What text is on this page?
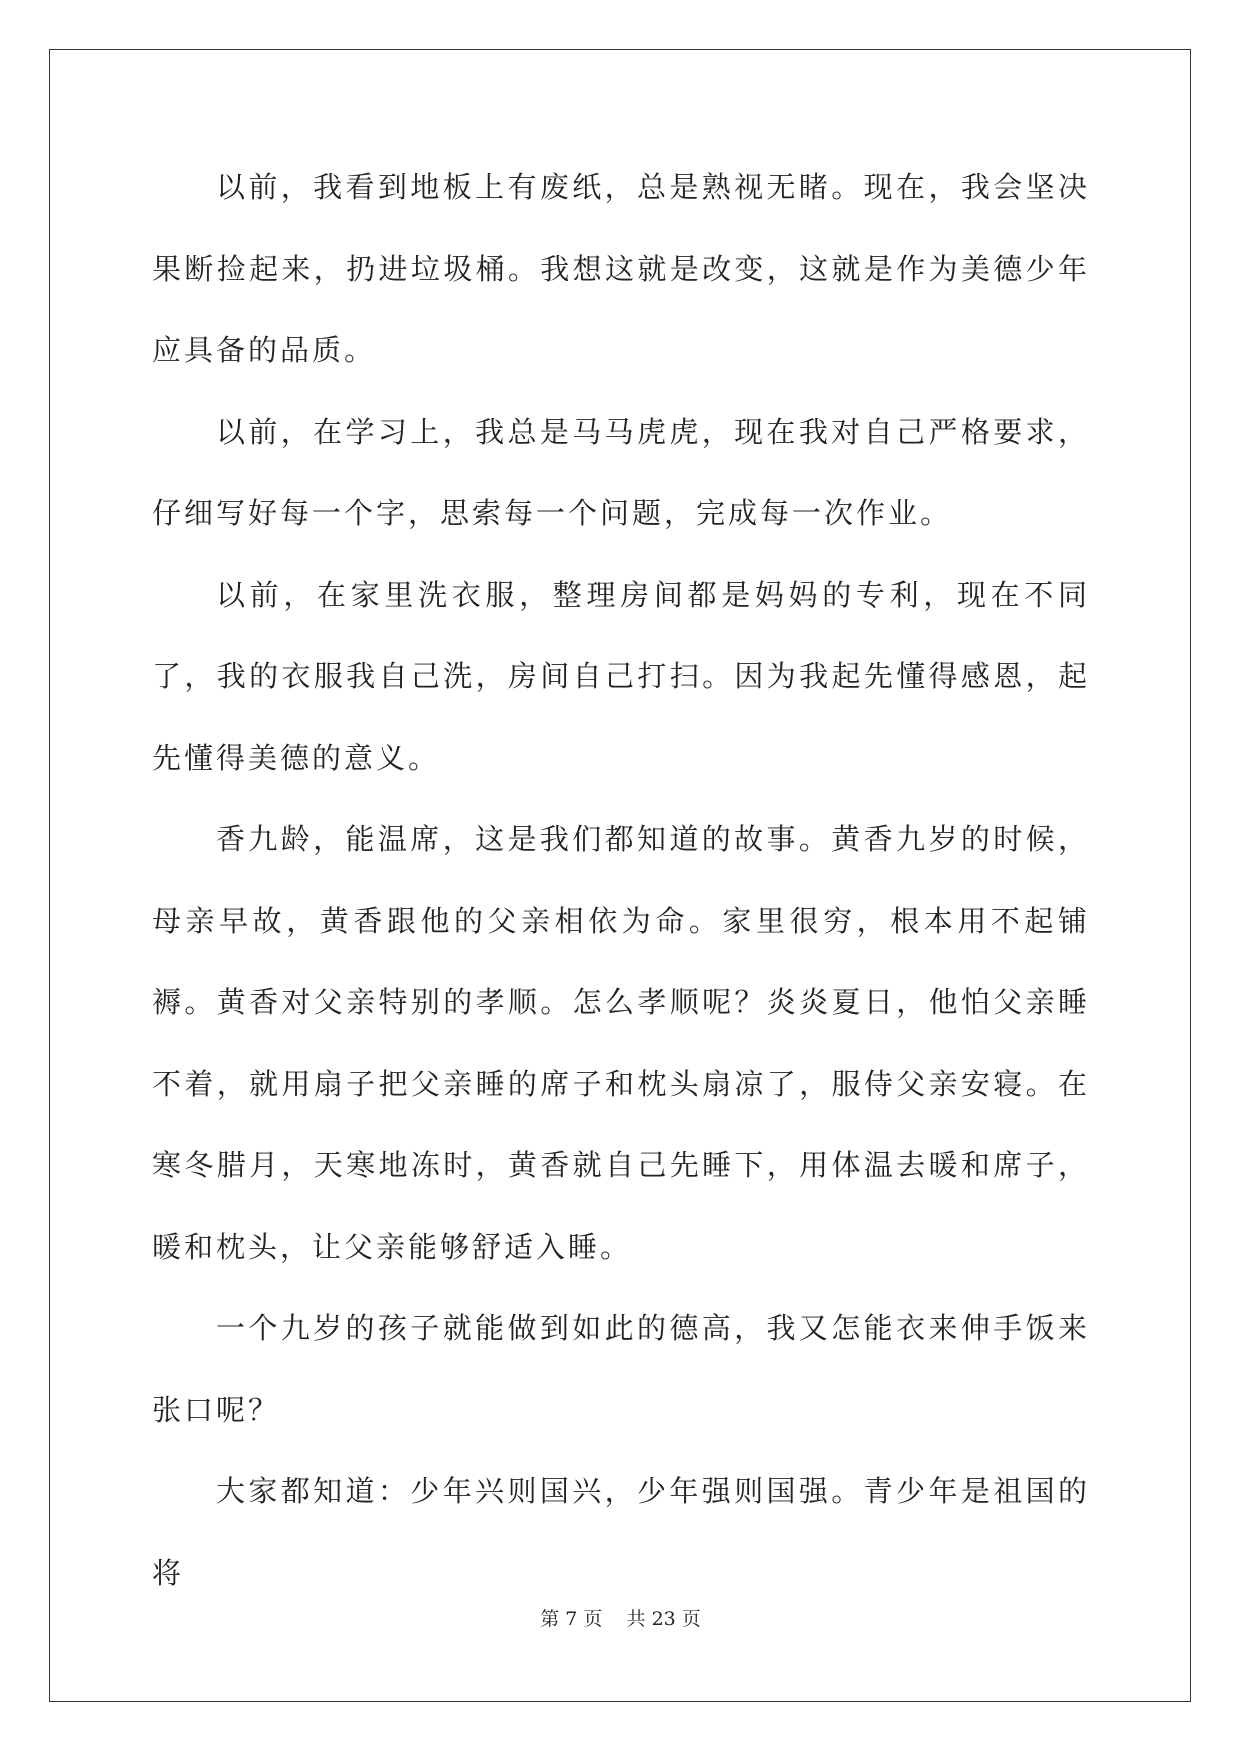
以前，我看到地板上有废纸，总是熟视无睹。现在，我会坚决果断捡起来，扔进垃圾桶。我想这就是改变，这就是作为美德少年应具备的品质。

以前，在学习上，我总是马马虎虎，现在我对自己严格要求，仔细写好每一个字，思索每一个问题，完成每一次作业。

以前，在家里洗衣服，整理房间都是妈妈的专利，现在不同了，我的衣服我自己洗，房间自己打扫。因为我起先懂得感恩，起先懂得美德的意义。

香九龄，能温席，这是我们都知道的故事。黄香九岁的时候，母亲早故，黄香跟他的父亲相依为命。家里很穷，根本用不起铺褥。黄香对父亲特别的孝顺。怎么孝顺呢？炎炎夏日，他怕父亲睡不着，就用扇子把父亲睡的席子和枕头扇凉了，服侍父亲安寝。在寒冬腊月，天寒地冻时，黄香就自己先睡下，用体温去暖和席子，暖和枕头，让父亲能够舒适入睡。

一个九岁的孩子就能做到如此的德高，我又怎能衣来伸手饭来张口呢？

大家都知道：少年兴则国兴，少年强则国强。青少年是祖国的将

第 7 页 共 23 页
